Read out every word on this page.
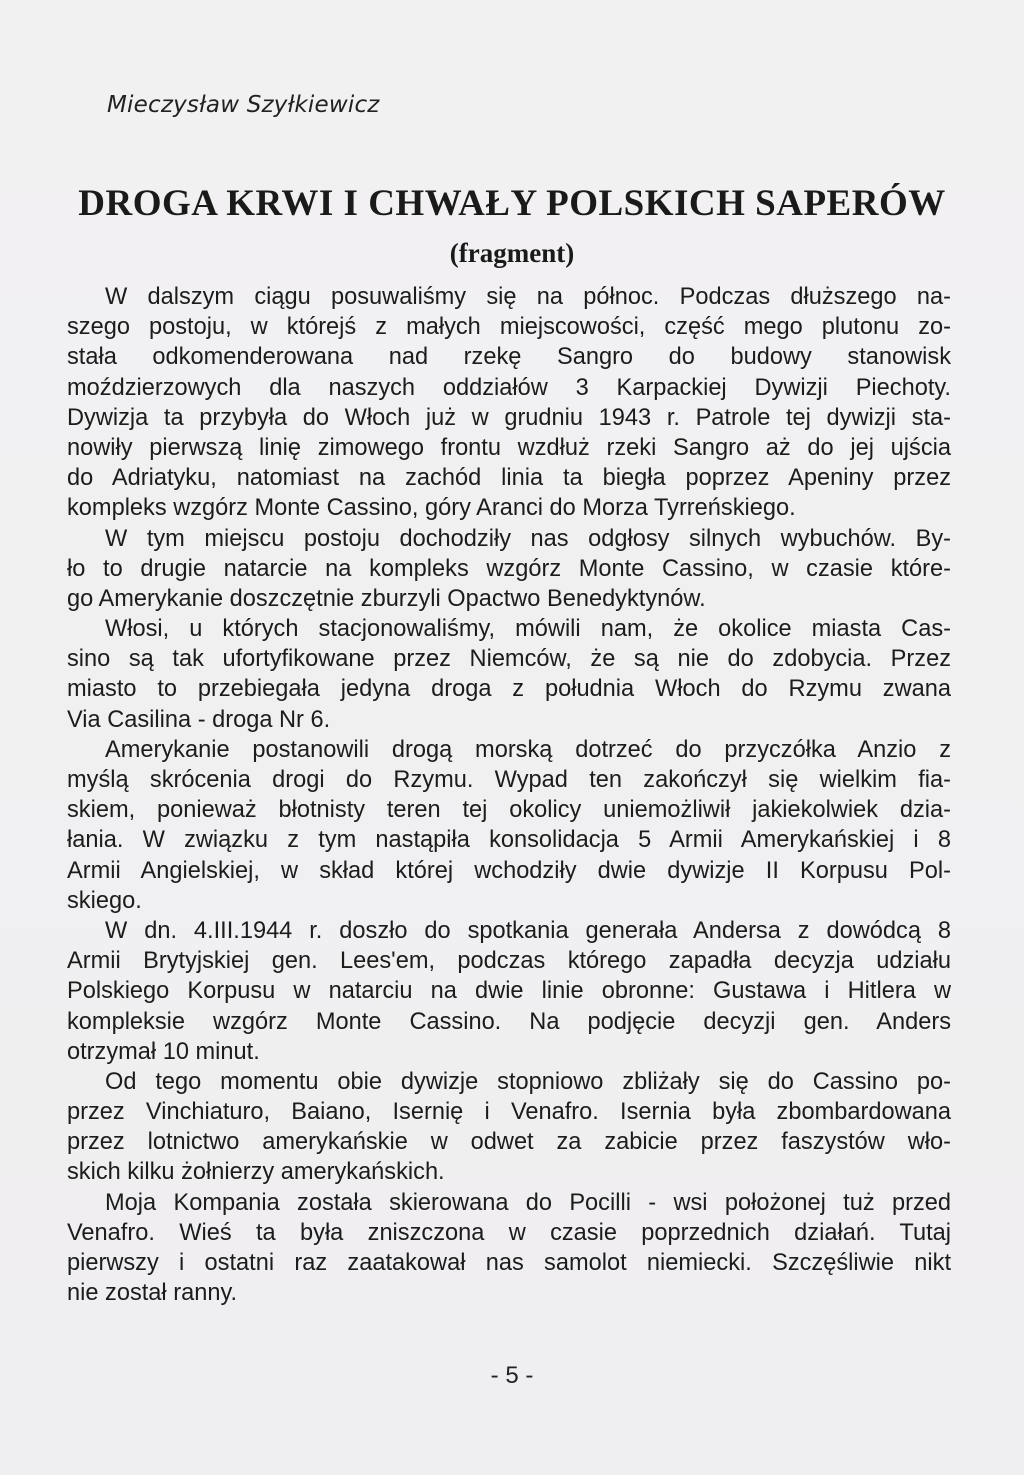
Mieczysław Szyłkiewicz
DROGA KRWI I CHWAŁY POLSKICH SAPERÓW
(fragment)
W dalszym ciągu posuwaliśmy się na północ. Podczas dłuższego na-
szego postoju, w którejś z małych miejscowości, część mego plutonu zo-
stała odkomenderowana nad rzekę Sangro do budowy stanowisk
moździerzowych dla naszych oddziałów 3 Karpackiej Dywizji Piechoty.
Dywizja ta przybyła do Włoch już w grudniu 1943 r. Patrole tej dywizji sta-
nowiły pierwszą linię zimowego frontu wzdłuż rzeki Sangro aż do jej ujścia
do Adriatyku, natomiast na zachód linia ta biegła poprzez Apeniny przez
kompleks wzgórz Monte Cassino, góry Aranci do Morza Tyrreńskiego.
W tym miejscu postoju dochodziły nas odgłosy silnych wybuchów. By-
ło to drugie natarcie na kompleks wzgórz Monte Cassino, w czasie które-
go Amerykanie doszczętnie zburzyli Opactwo Benedyktynów.
Włosi, u których stacjonowaliśmy, mówili nam, że okolice miasta Cas-
sino są tak ufortyfikowane przez Niemców, że są nie do zdobycia. Przez
miasto to przebiegała jedyna droga z południa Włoch do Rzymu zwana
Via Casilina - droga Nr 6.
Amerykanie postanowili drogą morską dotrzeć do przyczółka Anzio z
myślą skrócenia drogi do Rzymu. Wypad ten zakończył się wielkim fia-
skiem, ponieważ błotnisty teren tej okolicy uniemożliwił jakiekolwiek dzia-
łania. W związku z tym nastąpiła konsolidacja 5 Armii Amerykańskiej i 8
Armii Angielskiej, w skład której wchodziły dwie dywizje II Korpusu Pol-
skiego.
W dn. 4.III.1944 r. doszło do spotkania generała Andersa z dowódcą 8
Armii Brytyjskiej gen. Lees'em, podczas którego zapadła decyzja udziału
Polskiego Korpusu w natarciu na dwie linie obronne: Gustawa i Hitlera w
kompleksie wzgórz Monte Cassino. Na podjęcie decyzji gen. Anders
otrzymał 10 minut.
Od tego momentu obie dywizje stopniowo zbliżały się do Cassino po-
przez Vinchiaturo, Baiano, Isernię i Venafro. Isernia była zbombardowana
przez lotnictwo amerykańskie w odwet za zabicie przez faszystów wło-
skich kilku żołnierzy amerykańskich.
Moja Kompania została skierowana do Pocilli - wsi położonej tuż przed
Venafro. Wieś ta była zniszczona w czasie poprzednich działań. Tutaj
pierwszy i ostatni raz zaatakował nas samolot niemiecki. Szczęśliwie nikt
nie został ranny.
- 5 -
